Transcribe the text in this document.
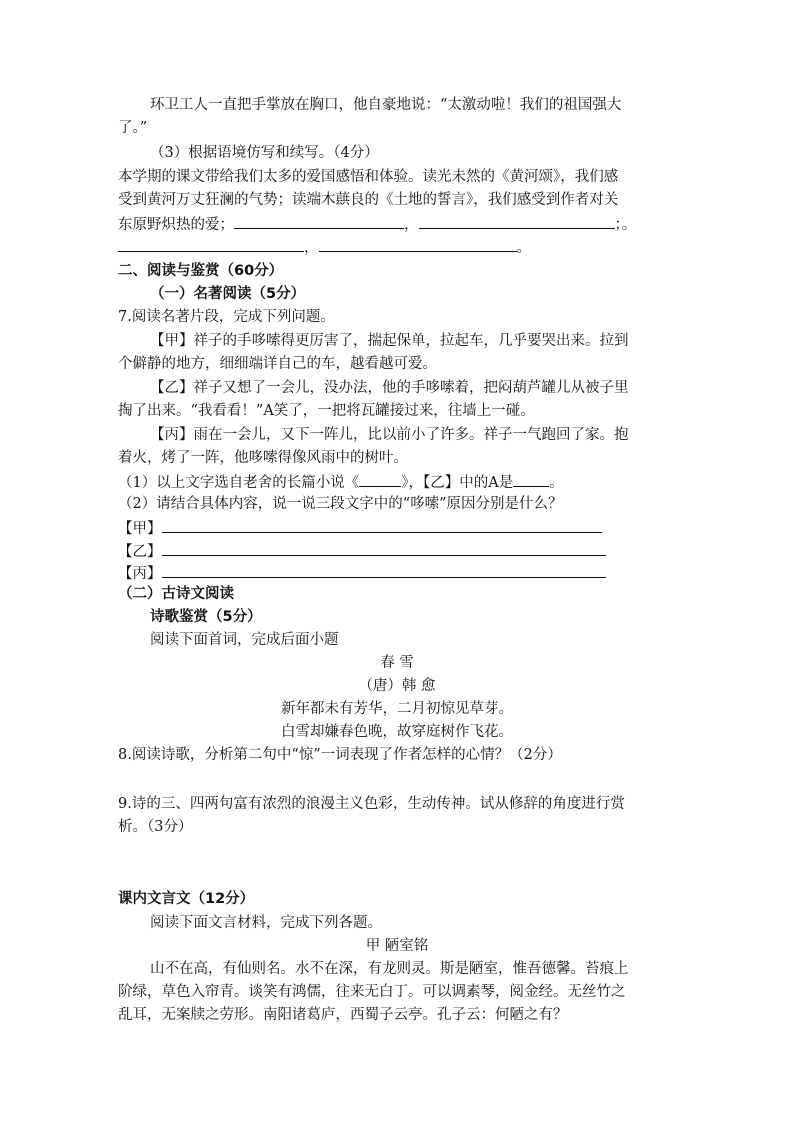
环卫工人一直把手掌放在胸口，他自豪地说：“太激动啦！我们的祖国强大
了。”
（3）根据语境仿写和续写。（4分）
本学期的课文带给我们太多的爱国感悟和体验。读光未然的《黄河颂》，我们感
受到黄河万丈狂澜的气势；读端木蕻良的《土地的誓言》，我们感受到作者对关
东原野炽热的爱；	，	；。
，	。
二、阅读与鉴赏（60分）
（一）名著阅读（5分）
7.阅读名著片段，完成下列问题。
【甲】祥子的手哆嗦得更厉害了，揣起保单，拉起车，几乎要哭出来。拉到
个僻静的地方，细细端详自己的车，越看越可爱。
【乙】祥子又想了一会儿，没办法，他的手哆嗦着，把闷葫芦罐儿从被子里
掏了出来。“我看看！”A笑了，一把将瓦罐接过来，往墙上一碰。
【丙】雨在一会儿，又下一阵儿，比以前小了许多。祥子一气跑回了家。抱
着火，烤了一阵，他哆嗦得像风雨中的树叶。
（1）以上文字选自老舍的长篇小说《	》，【乙】中的A是 。
（2）请结合具体内容，说一说三段文字中的“哆嗦”原因分别是什么？
【甲】
【乙】
【丙】
（二）古诗文阅读
诗歌鉴赏（5分）
阅读下面首词，完成后面小题
春 雪
（唐）韩 愈
新年都未有芳华，二月初惊见草芽。
白雪却嫌春色晚，故穿庭树作飞花。
8.阅读诗歌，分析第二句中“惊”一词表现了作者怎样的心情？（2分）
9.诗的三、四两句富有浓烈的浪漫主义色彩，生动传神。试从修辞的角度进行赏
析。（3分）
课内文言文（12分）
阅读下面文言材料，完成下列各题。
甲 陋室铭
山不在高，有仙则名。水不在深，有龙则灵。斯是陋室，惟吾德馨。苔痕上
阶绿，草色入帘青。谈笑有鸿儒，往来无白丁。可以调素琴，阅金经。无丝竹之
乱耳，无案牍之劳形。南阳诸葛庐，西蜀子云亭。孔子云：何陋之有？
